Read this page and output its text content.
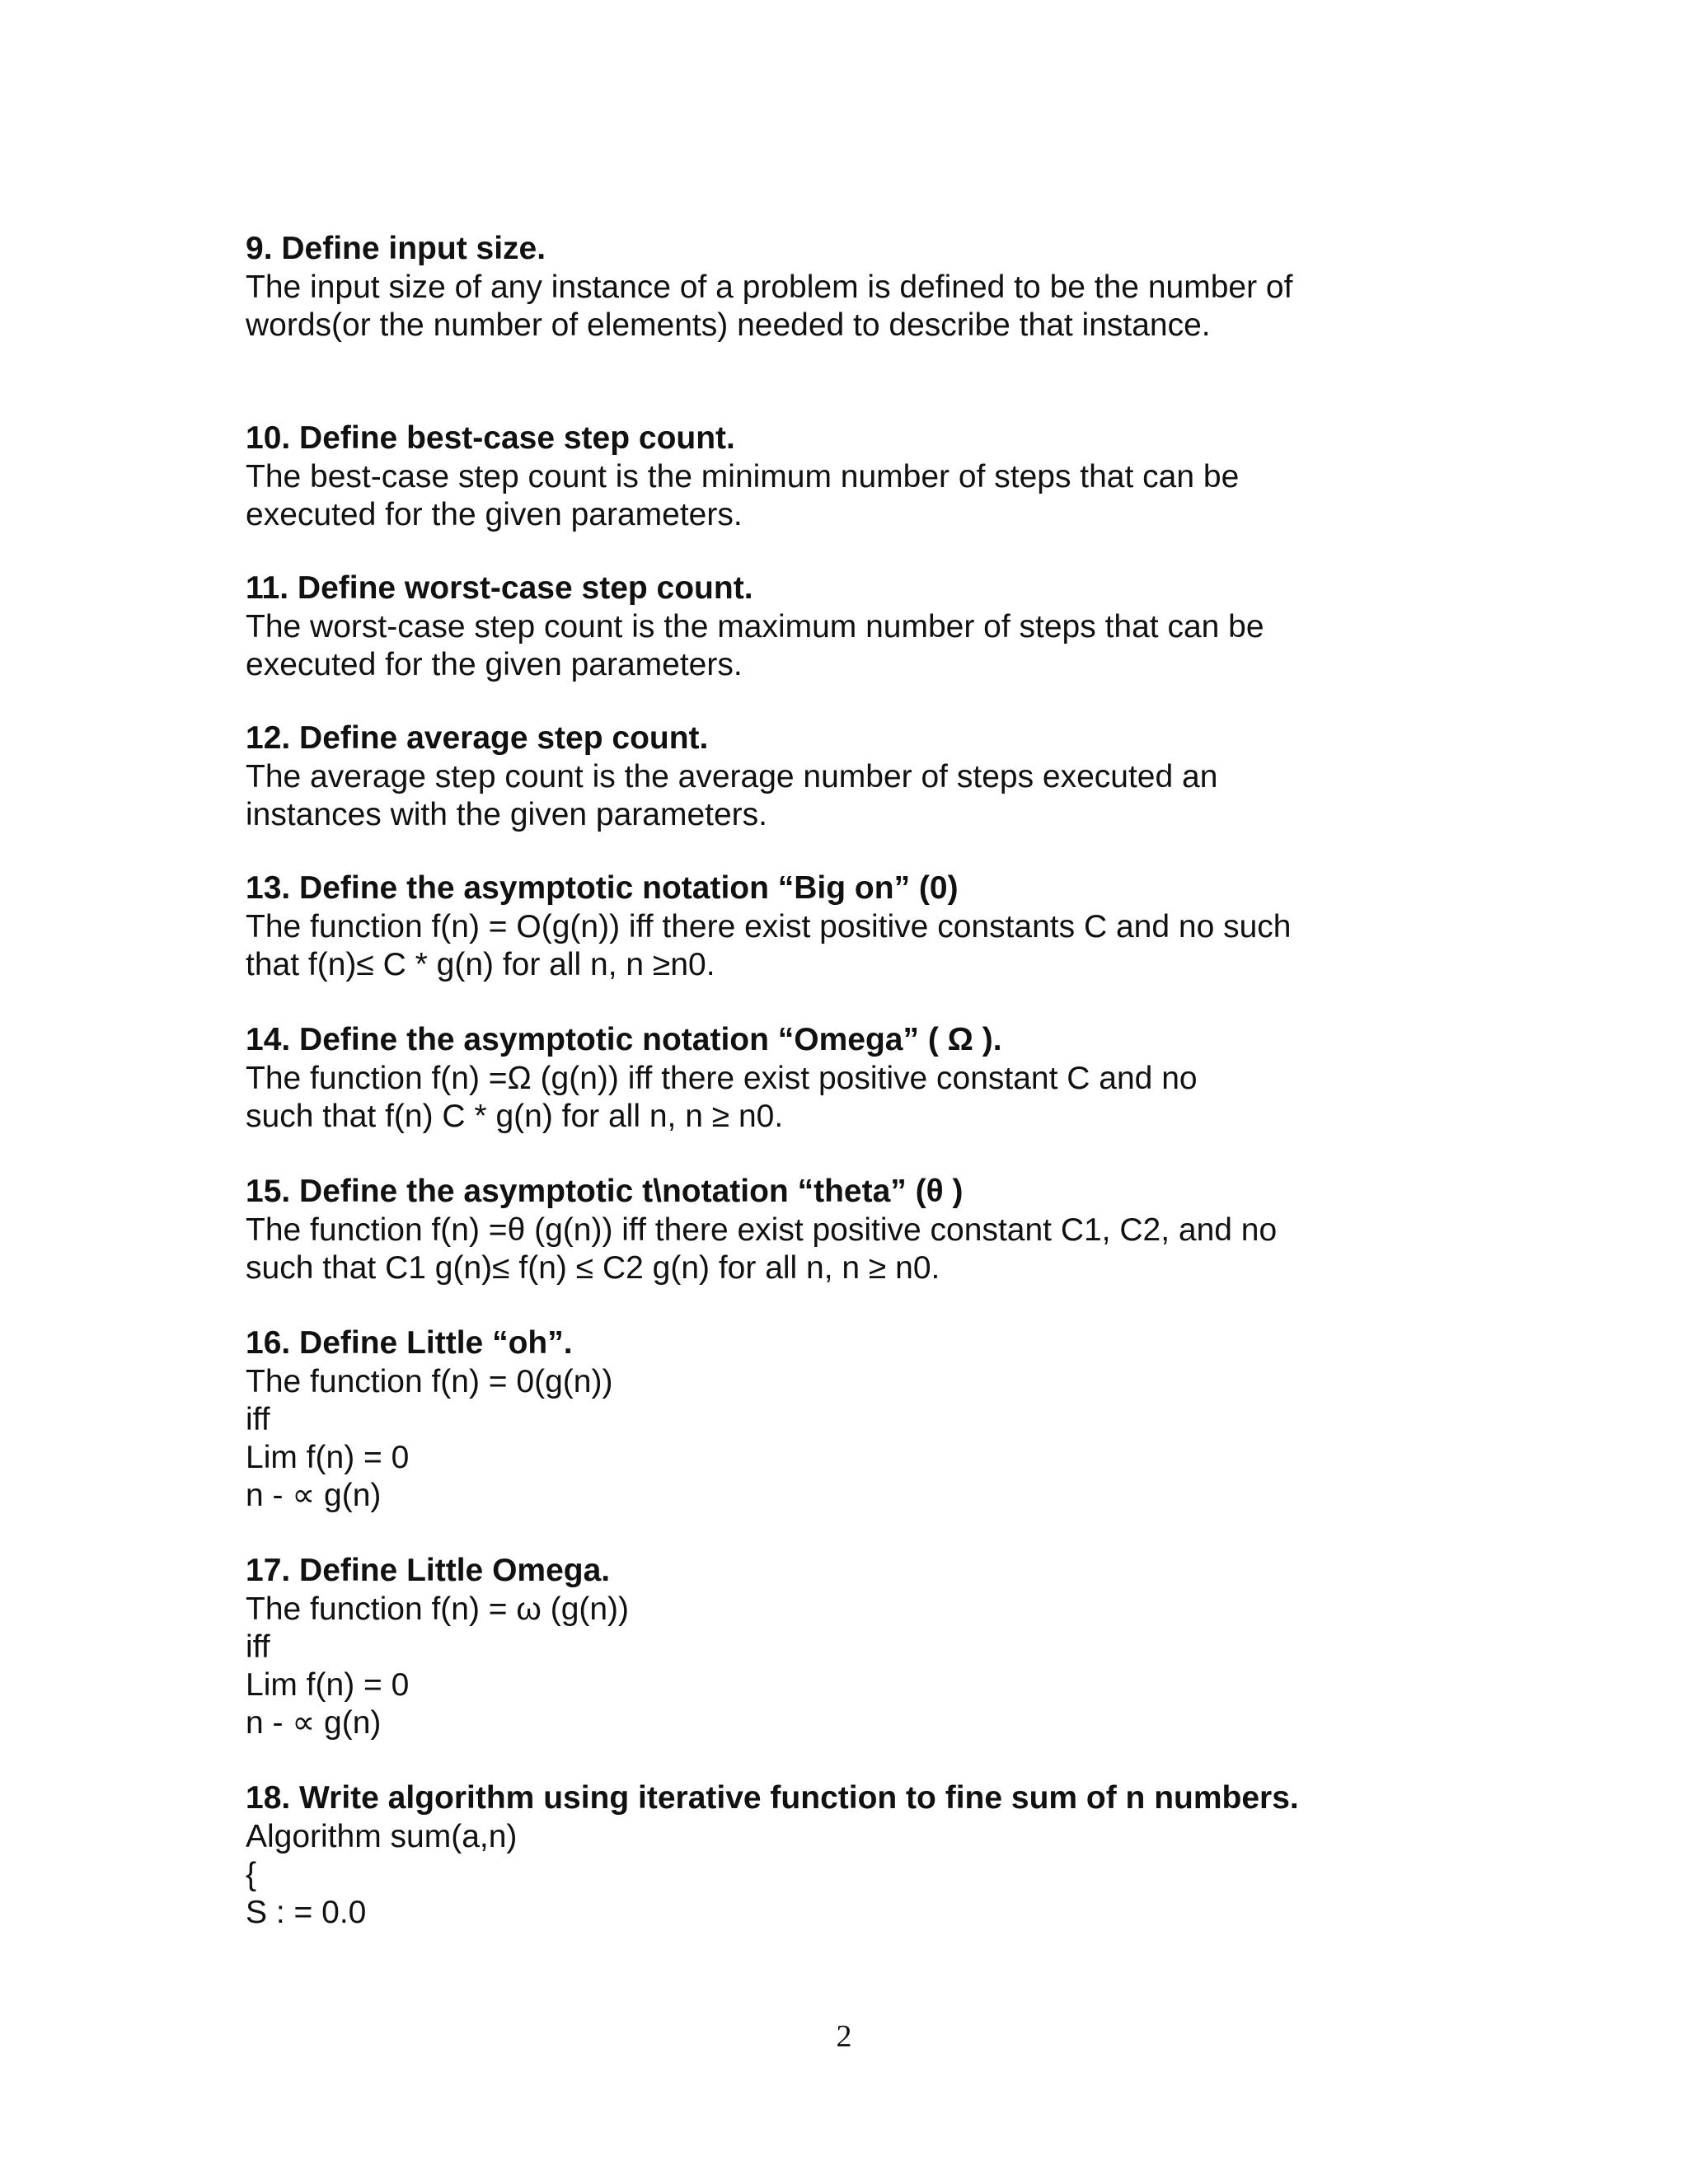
9. Define input size.
The input size of any instance of a problem is defined to be the number of
words(or the number of elements) needed to describe that instance.
10. Define best-case step count.
The best-case step count is the minimum number of steps that can be
executed for the given parameters.
11. Define worst-case step count.
The worst-case step count is the maximum number of steps that can be
executed for the given parameters.
12. Define average step count.
The average step count is the average number of steps executed an
instances with the given parameters.
13. Define the asymptotic notation “Big on” (0)
The function f(n) = O(g(n)) iff there exist positive constants C and no such
that f(n)≤ C * g(n) for all n, n ≥n0.
14. Define the asymptotic notation “Omega” ( Ω ).
The function f(n) =Ω (g(n)) iff there exist positive constant C and no
such that f(n) C * g(n) for all n, n ≥ n0.
15. Define the asymptotic t\notation “theta” (θ )
The function f(n) =θ (g(n)) iff there exist positive constant C1, C2, and no
such that C1 g(n)≤ f(n) ≤ C2 g(n) for all n, n ≥ n0.
16. Define Little “oh”.
The function f(n) = 0(g(n))
iff
Lim f(n) = 0
n - ∝ g(n)
17. Define Little Omega.
The function f(n) = ω (g(n))
iff
Lim f(n) = 0
n - ∝ g(n)
18. Write algorithm using iterative function to fine sum of n numbers.
Algorithm sum(a,n)
{
S : = 0.0
2
